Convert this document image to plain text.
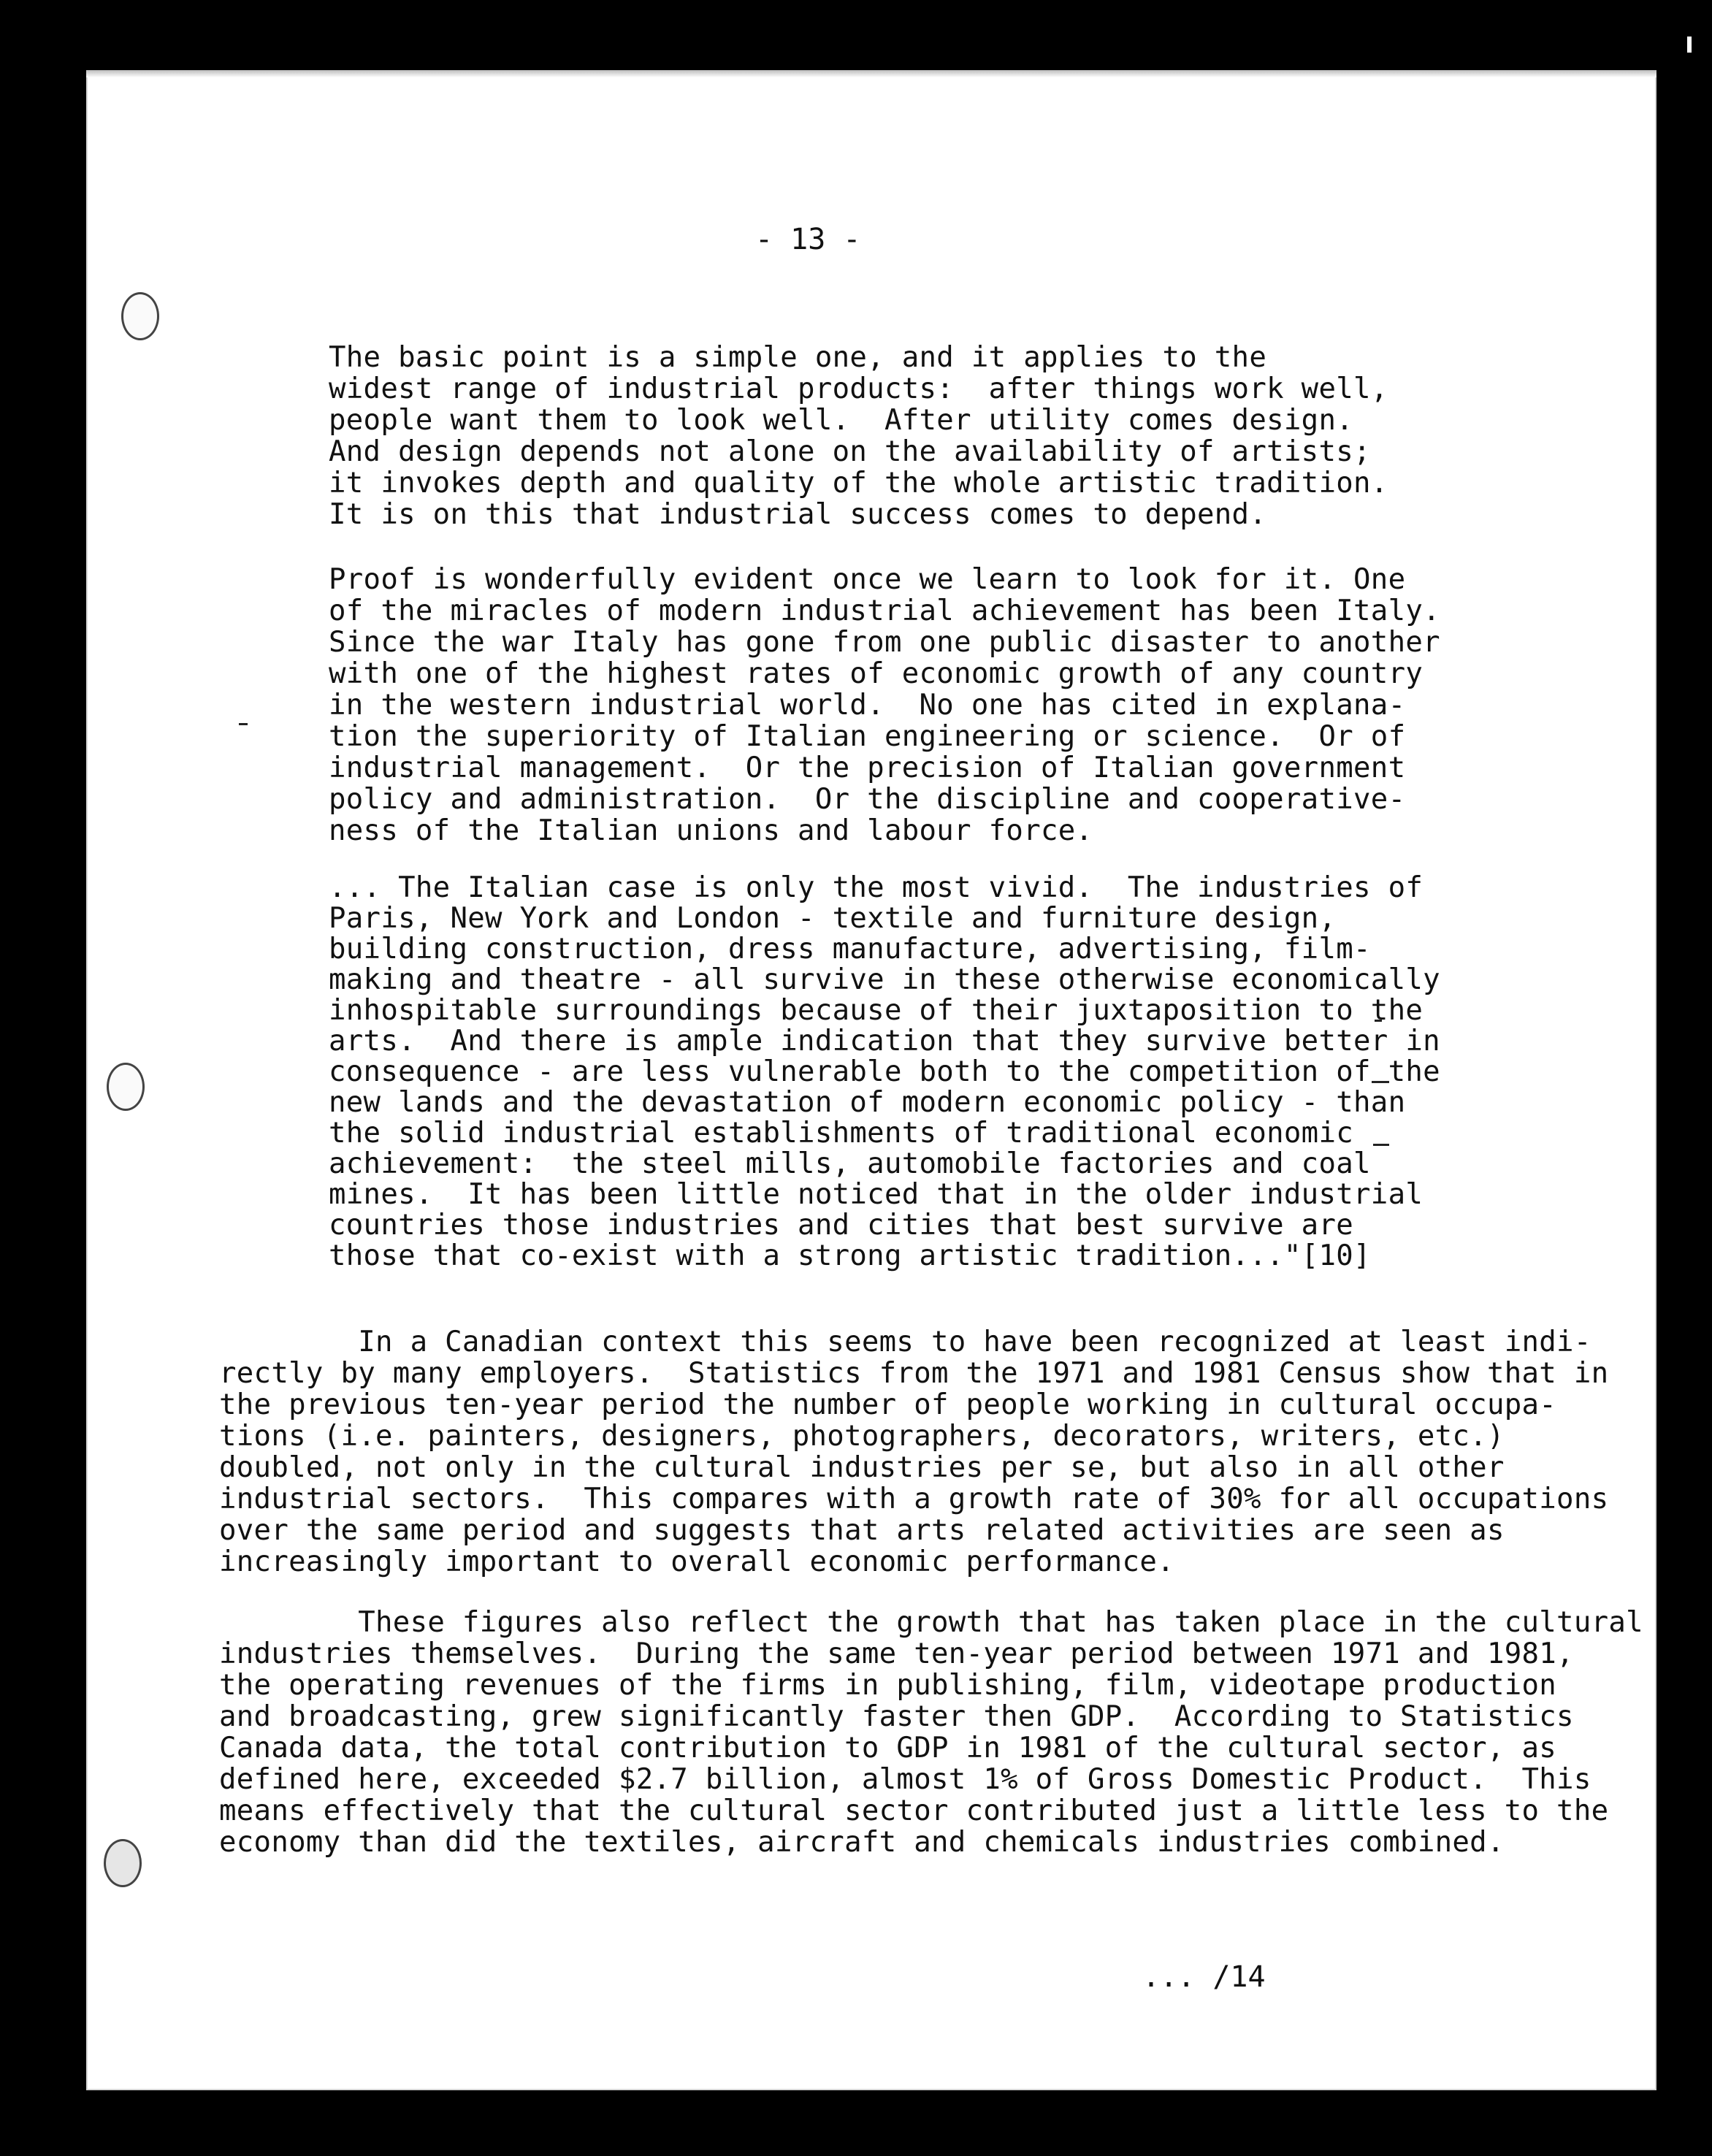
- 13 -

The basic point is a simple one, and it applies to the
widest range of industrial products:  after things work well,
people want them to look well.  After utility comes design.
And design depends not alone on the availability of artists;
it invokes depth and quality of the whole artistic tradition.
It is on this that industrial success comes to depend.

Proof is wonderfully evident once we learn to look for it. One
of the miracles of modern industrial achievement has been Italy.
Since the war Italy has gone from one public disaster to another
with one of the highest rates of economic growth of any country
in the western industrial world.  No one has cited in explana-
tion the superiority of Italian engineering or science.  Or of
industrial management.  Or the precision of Italian government
policy and administration.  Or the discipline and cooperative-
ness of the Italian unions and labour force.

... The Italian case is only the most vivid.  The industries of
Paris, New York and London - textile and furniture design,
building construction, dress manufacture, advertising, film-
making and theatre - all survive in these otherwise economically
inhospitable surroundings because of their juxtaposition to the
arts.  And there is ample indication that they survive better in
consequence - are less vulnerable both to the competition of the
new lands and the devastation of modern economic policy - than
the solid industrial establishments of traditional economic
achievement:  the steel mills, automobile factories and coal
mines.  It has been little noticed that in the older industrial
countries those industries and cities that best survive are
those that co-exist with a strong artistic tradition..."[10]

In a Canadian context this seems to have been recognized at least indi-
rectly by many employers.  Statistics from the 1971 and 1981 Census show that in
the previous ten-year period the number of people working in cultural occupa-
tions (i.e. painters, designers, photographers, decorators, writers, etc.)
doubled, not only in the cultural industries per se, but also in all other
industrial sectors.  This compares with a growth rate of 30% for all occupations
over the same period and suggests that arts related activities are seen as
increasingly important to overall economic performance.

These figures also reflect the growth that has taken place in the cultural
industries themselves.  During the same ten-year period between 1971 and 1981,
the operating revenues of the firms in publishing, film, videotape production
and broadcasting, grew significantly faster then GDP.  According to Statistics
Canada data, the total contribution to GDP in 1981 of the cultural sector, as
defined here, exceeded $2.7 billion, almost 1% of Gross Domestic Product.  This
means effectively that the cultural sector contributed just a little less to the
economy than did the textiles, aircraft and chemicals industries combined.

... /14
